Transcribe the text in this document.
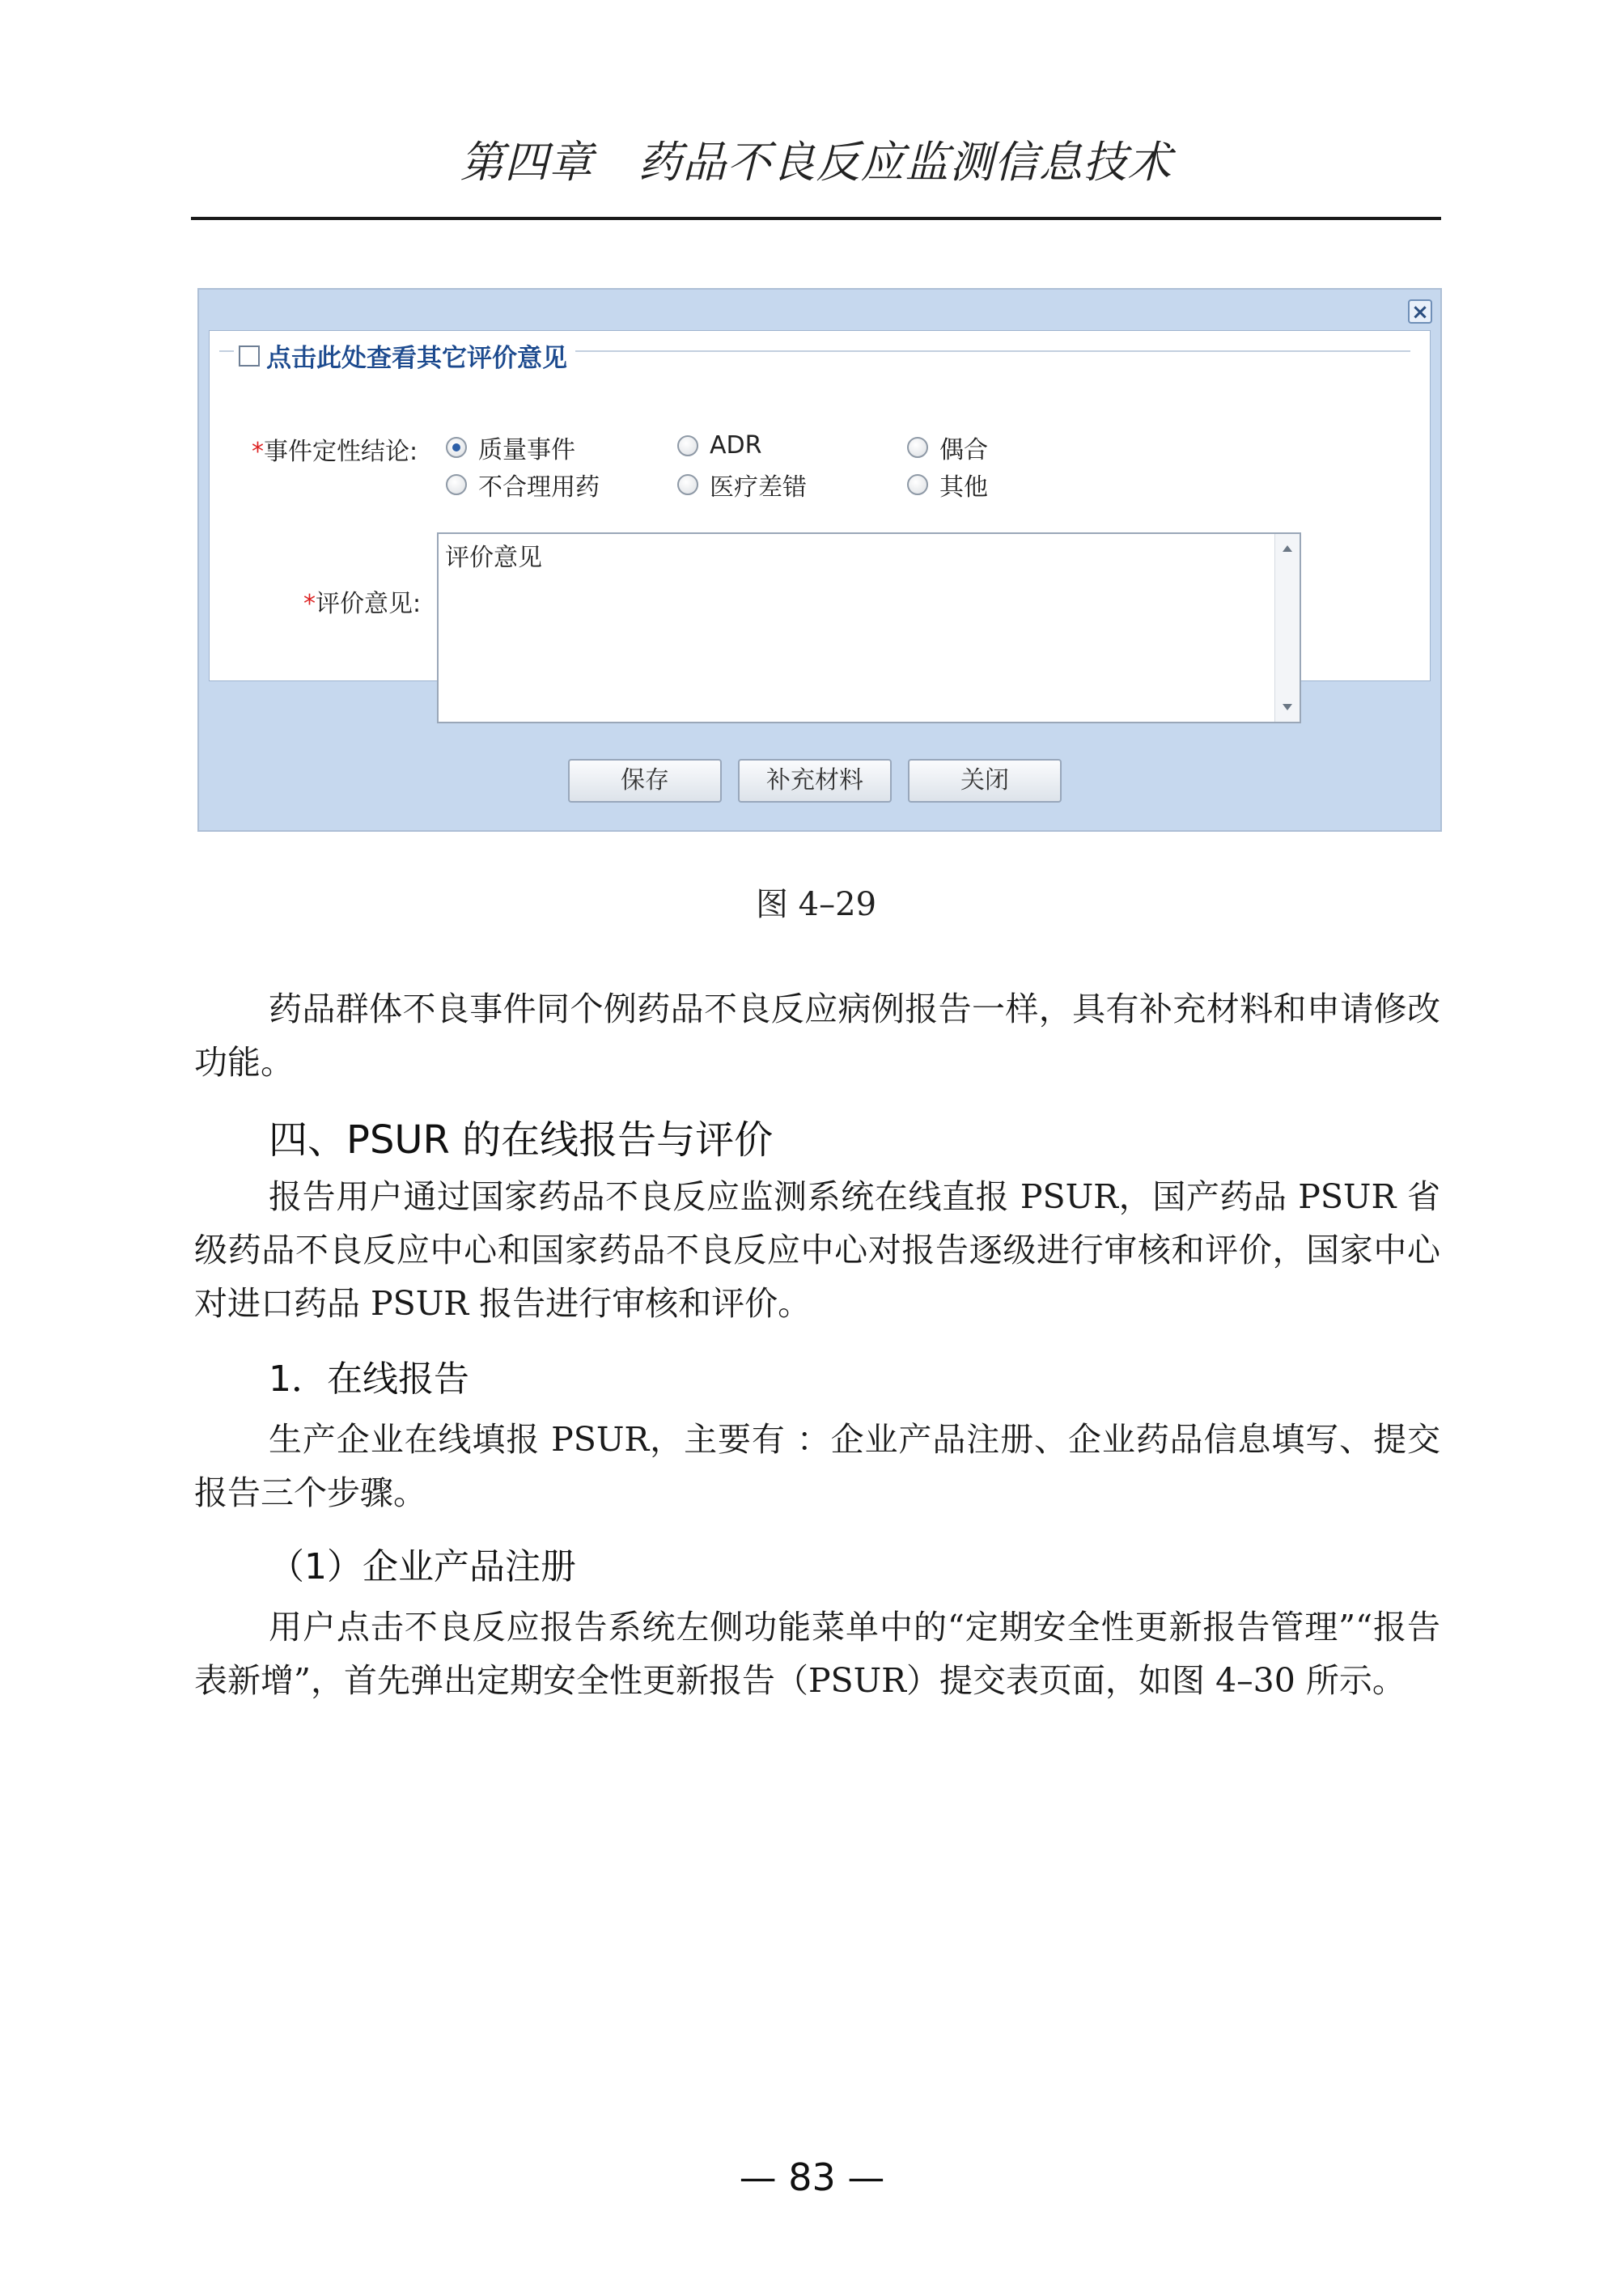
第四章　药品不良反应监测信息技术
×
点击此处查看其它评价意见
*事件定性结论: 质量事件	ADR	偶合
不合理用药	医疗差错	其他
*评价意见:
评价意见
保存	补充材料	关闭
图 4–29
药品群体不良事件同个例药品不良反应病例报告一样，具有补充材料和申请修改功能。
四、PSUR 的在线报告与评价
报告用户通过国家药品不良反应监测系统在线直报 PSUR，国产药品 PSUR 省级药品不良反应中心和国家药品不良反应中心对报告逐级进行审核和评价，国家中心对进口药品 PSUR 报告进行审核和评价。
1．在线报告
生产企业在线填报 PSUR，主要有 ：企业产品注册、企业药品信息填写、提交报告三个步骤。
（1）企业产品注册
用户点击不良反应报告系统左侧功能菜单中的“定期安全性更新报告管理”“报告表新增”，首先弹出定期安全性更新报告（PSUR）提交表页面，如图 4–30 所示。
— 83 —
